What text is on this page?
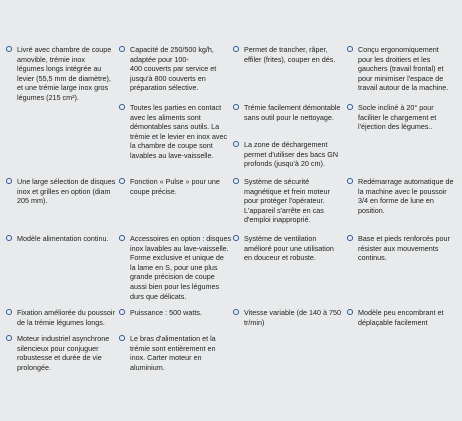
Livré avec chambre de coupe
amovible, trémie inox
légumes longs intégrée au
levier (55,5 mm de diamètre),
et une trémie large inox gros
légumes (215 cm²).
Capacité de 250/500 kg/h,
adaptée pour 100-
400 couverts par service et
jusqu'à 800 couverts en
préparation sélective.
Toutes les parties en contact
avec les aliments sont
démontables sans outils. La
trémie et le levier en inox avec
la chambre de coupe sont
lavables au lave-vaisselle.
Permet de trancher, râper,
effiler (frites), couper en dés.
Trémie facilement démontable
sans outil pour le nettoyage.
La zone de déchargement
permet d'utiliser des bacs GN
profonds (jusqu'à 20 cm).
Conçu ergonomiquement
pour les droitiers et les
gauchers (travail frontal) et
pour minimiser l'espace de
travail autour de la machine.
Socle incliné à 20° pour
faciliter le chargement et
l'éjection des légumes..
Une large sélection de disques
inox et grilles en option (diam
205 mm).
Fonction « Pulse » pour une
coupe précise.
Système de sécurité
magnétique et frein moteur
pour protéger l'opérateur.
L'appareil s'arrête en cas
d'emploi inapproprié.
Redémarrage automatique de
la machine avec le poussoir
3/4 en forme de lune en
position.
Modèle alimentation continu.	Accessoires en option : disques
inox lavables au lave-vaisselle.
Forme exclusive et unique de
la lame en S, pour une plus
grande précision de coupe
aussi bien pour les légumes
durs que délicats.
Système de ventilation
amélioré pour une utilisation
en douceur et robuste.
Base et pieds renforcés pour
résister aux mouvements
continus.
Fixation améliorée du poussoir
de la trémie légumes longs.
Puissance : 500 watts.	Vitesse variable (de 140 à 750
tr/min)
Modèle peu encombrant et
déplaçable facilement
Moteur industriel asynchrone
silencieux pour conjuguer
robustesse et durée de vie
prolongée.
Le bras d'alimentation et la
trémie sont entièrement en
inox. Carter moteur en
aluminium.
